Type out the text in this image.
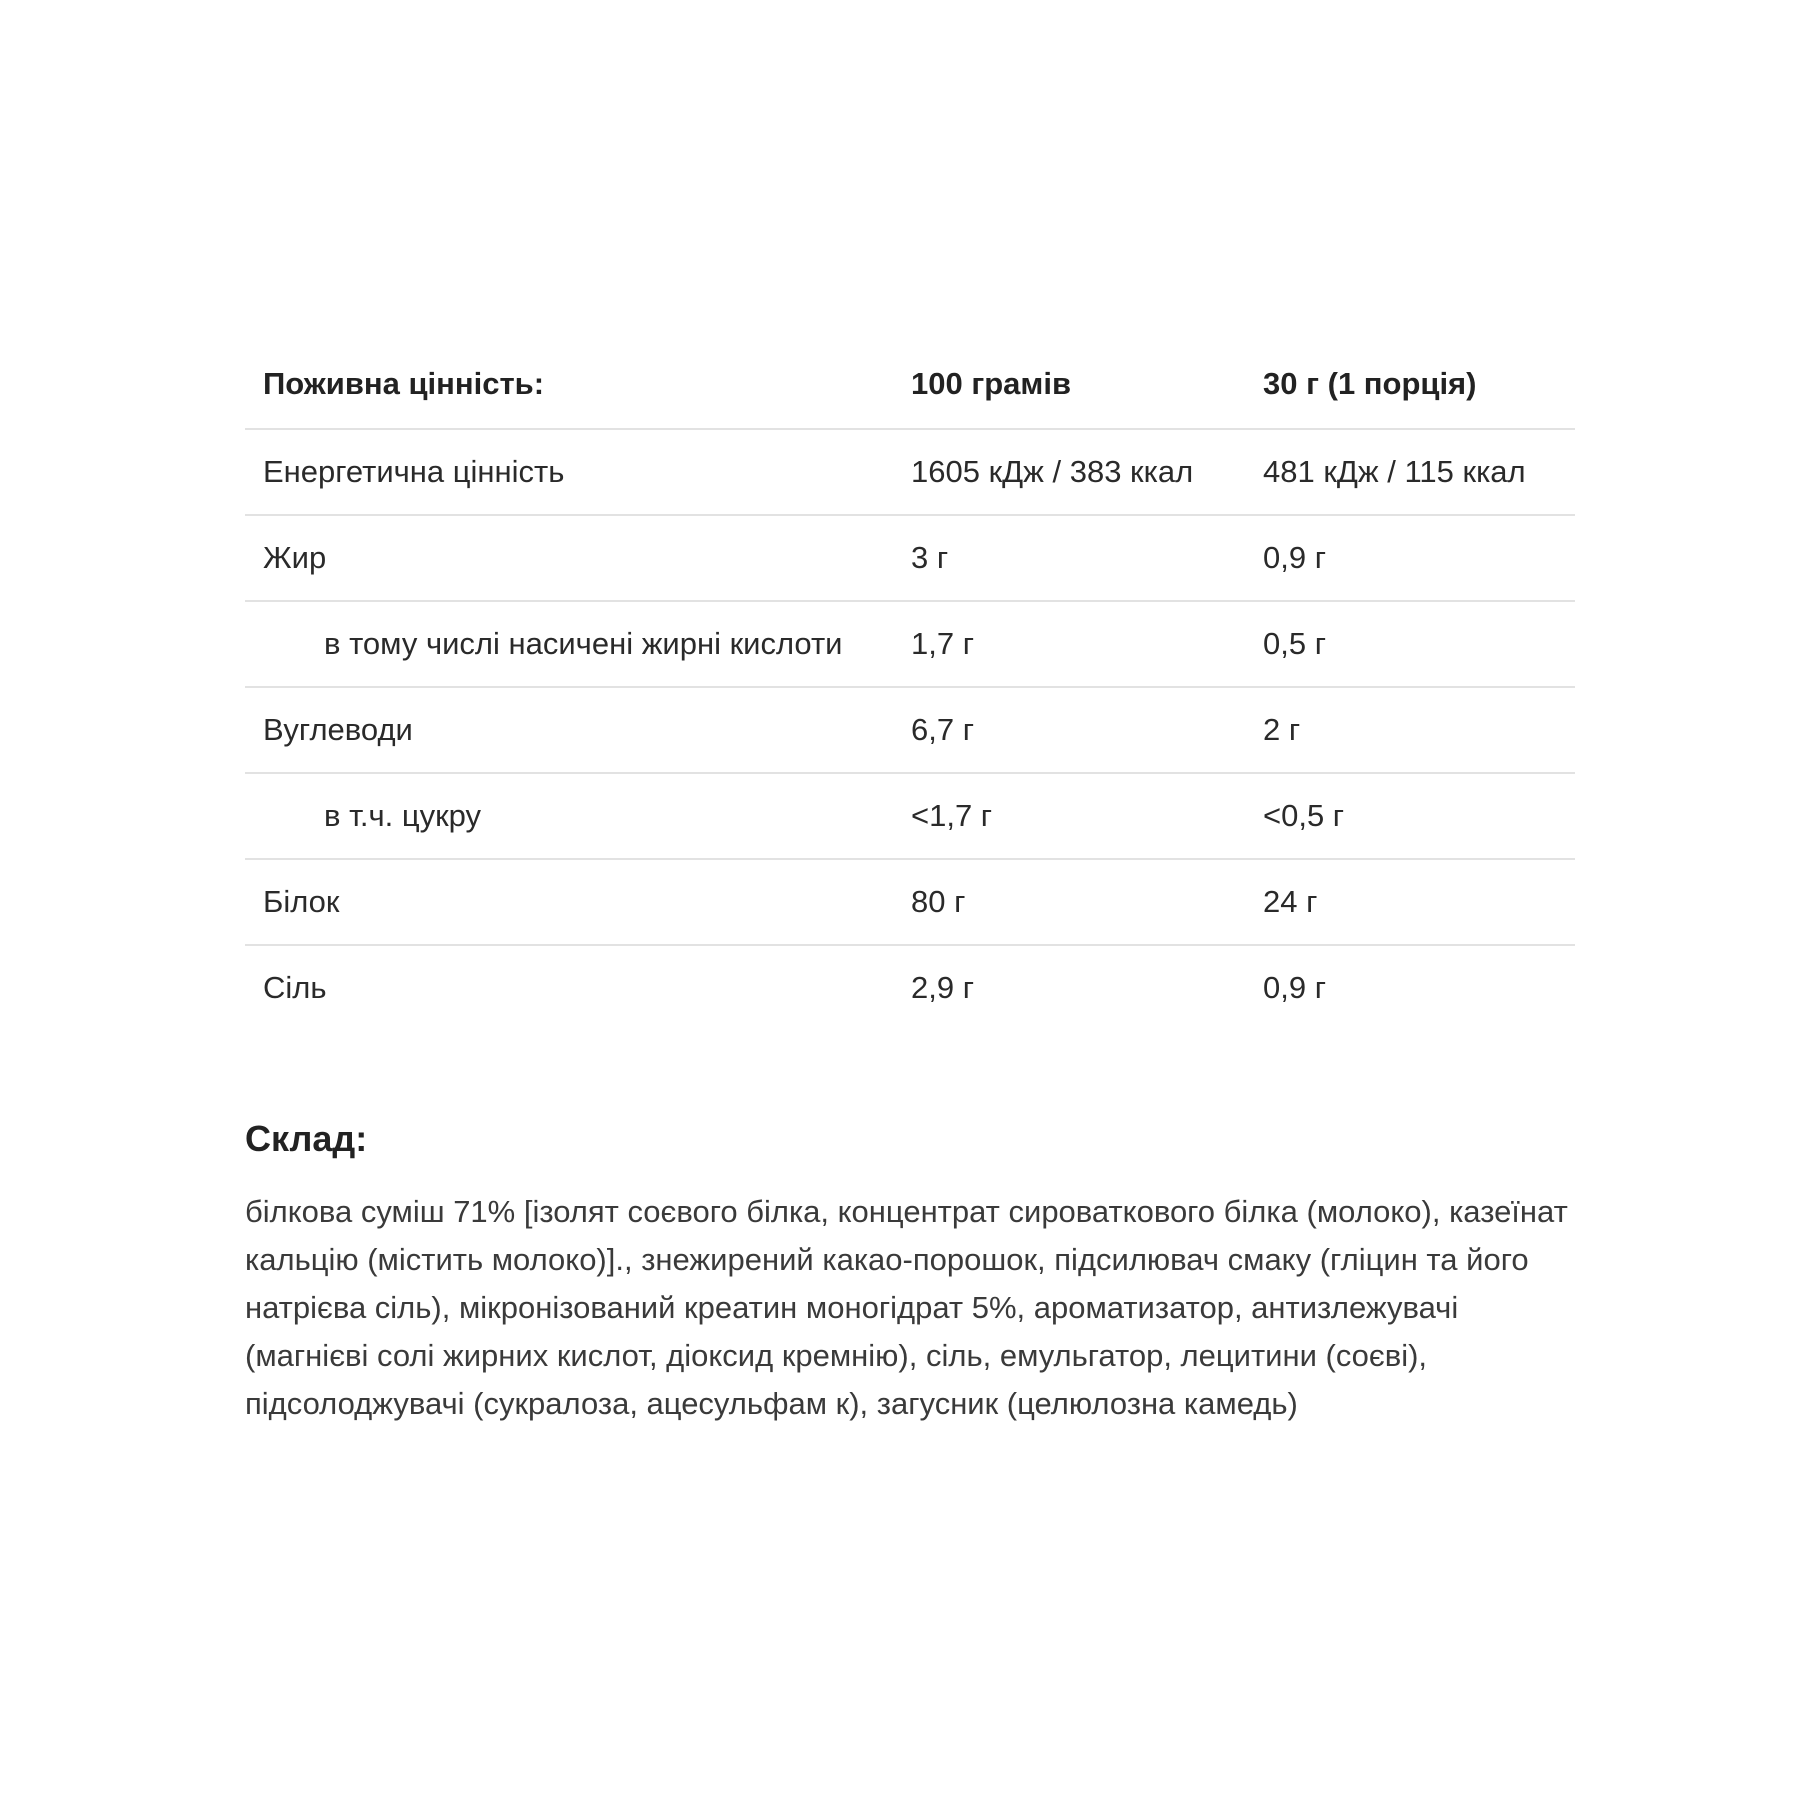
Поживна цінність:	100 грамів	30 г (1 порція)
Енергетична цінність	1605 кДж / 383 ккал	481 кДж / 115 ккал
Жир	3 г	0,9 г
в тому числі насичені жирні кислоти	1,7 г	0,5 г
Вуглеводи	6,7 г	2 г
в т.ч. цукру	<1,7 г	<0,5 г
Білок	80 г	24 г
Сіль	2,9 г	0,9 г
Склад:
білкова суміш 71% [ізолят соєвого білка, концентрат сироваткового білка (молоко), казеїнат кальцію (містить молоко)]., знежирений какао-порошок, підсилювач смаку (гліцин та його натрієва сіль), мікронізований креатин моногідрат 5%, ароматизатор, антизлежувачі (магнієві солі жирних кислот, діоксид кремнію), сіль, емульгатор, лецитини (соєві), підсолоджувачі (сукралоза, ацесульфам к), загусник (целюлозна камедь)
